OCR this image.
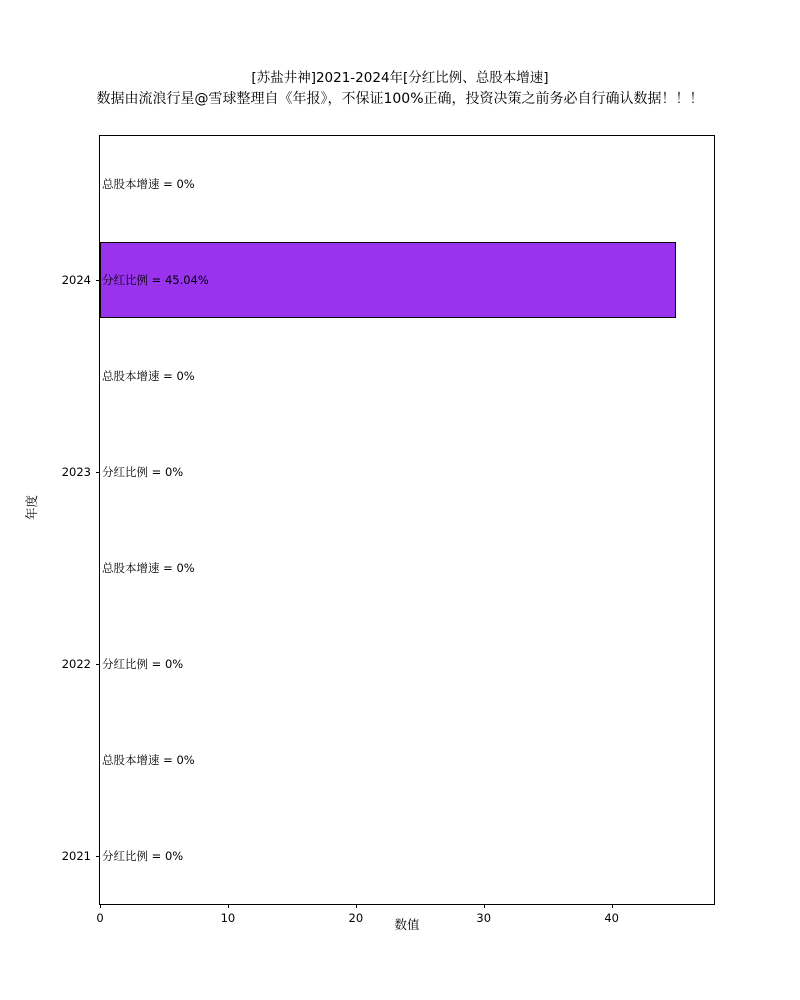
[苏盐井神]2021-2024年[分红比例、总股本增速]
数据由流浪行星@雪球整理自《年报》，不保证100%正确，投资决策之前务必自行确认数据！！！
分红比例 = 0%
总股本增速 = 0%
分红比例 = 0%
总股本增速 = 0%
分红比例 = 0%
总股本增速 = 0%
分红比例 = 45.04%
总股本增速 = 0%
2021
2022
2023
2024
0	10	20	30	40
数值
年度
